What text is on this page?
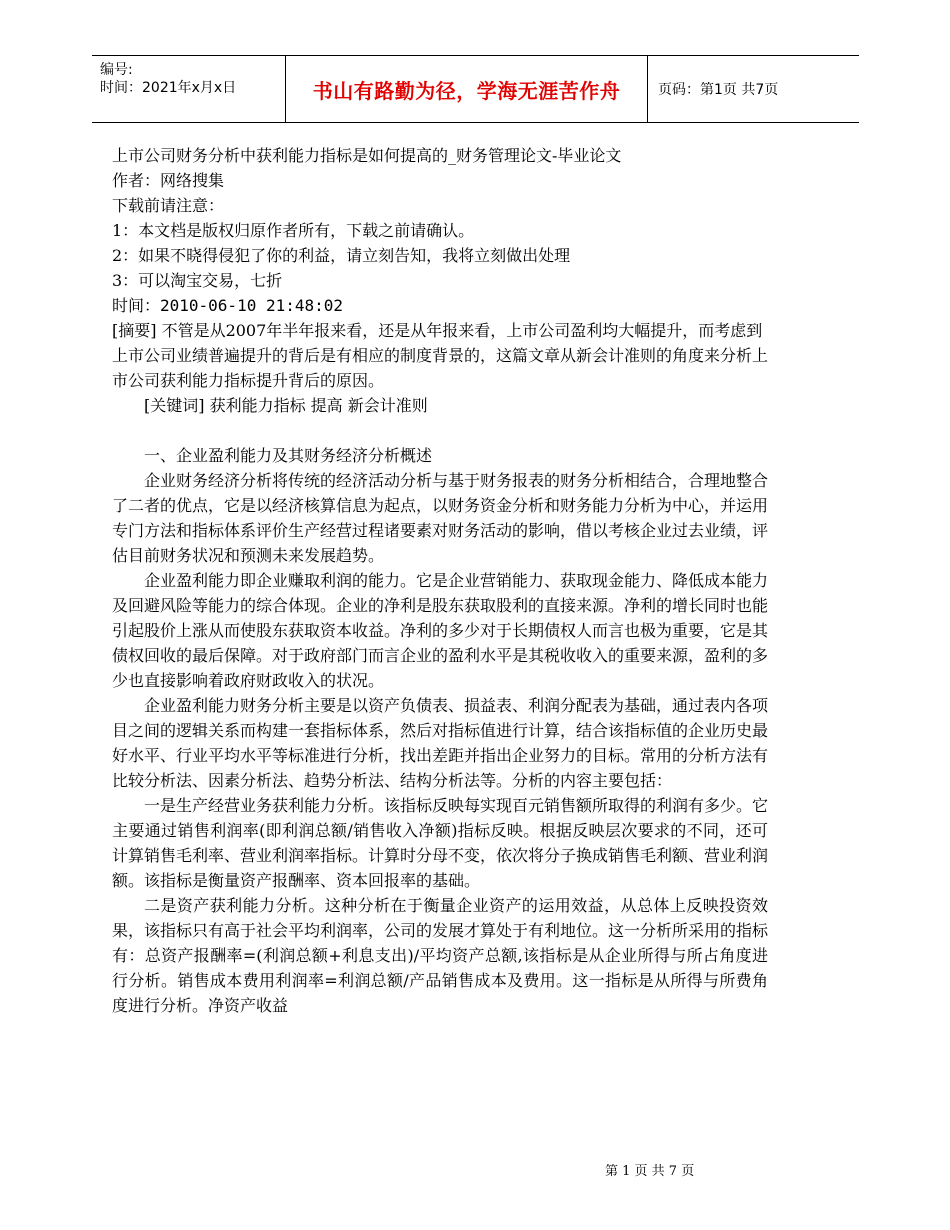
编号:
时间：2021年x月x日	书山有路勤为径，学海无涯苦作舟	页码：第1页 共7页

上市公司财务分析中获利能力指标是如何提高的_财务管理论文-毕业论文

作者：网络搜集

下载前请注意：

1：本文档是版权归原作者所有，下载之前请确认。

2：如果不晓得侵犯了你的利益，请立刻告知，我将立刻做出处理

3：可以淘宝交易，七折

时间：2010-06-10 21:48:02

[摘要] 不管是从2007年半年报来看，还是从年报来看，上市公司盈利均大幅提升，而考虑到上市公司业绩普遍提升的背后是有相应的制度背景的，这篇文章从新会计准则的角度来分析上市公司获利能力指标提升背后的原因。

[关键词] 获利能力指标 提高 新会计准则

一、企业盈利能力及其财务经济分析概述

企业财务经济分析将传统的经济活动分析与基于财务报表的财务分析相结合，合理地整合了二者的优点，它是以经济核算信息为起点，以财务资金分析和财务能力分析为中心，并运用专门方法和指标体系评价生产经营过程诸要素对财务活动的影响，借以考核企业过去业绩，评估目前财务状况和预测未来发展趋势。

企业盈利能力即企业赚取利润的能力。它是企业营销能力、获取现金能力、降低成本能力及回避风险等能力的综合体现。企业的净利是股东获取股利的直接来源。净利的增长同时也能引起股价上涨从而使股东获取资本收益。净利的多少对于长期债权人而言也极为重要，它是其债权回收的最后保障。对于政府部门而言企业的盈利水平是其税收收入的重要来源，盈利的多少也直接影响着政府财政收入的状况。

企业盈利能力财务分析主要是以资产负债表、损益表、利润分配表为基础，通过表内各项目之间的逻辑关系而构建一套指标体系，然后对指标值进行计算，结合该指标值的企业历史最好水平、行业平均水平等标准进行分析，找出差距并指出企业努力的目标。常用的分析方法有比较分析法、因素分析法、趋势分析法、结构分析法等。分析的内容主要包括：

一是生产经营业务获利能力分析。该指标反映每实现百元销售额所取得的利润有多少。它主要通过销售利润率(即利润总额/销售收入净额)指标反映。根据反映层次要求的不同，还可计算销售毛利率、营业利润率指标。计算时分母不变，依次将分子换成销售毛利额、营业利润额。该指标是衡量资产报酬率、资本回报率的基础。

二是资产获利能力分析。这种分析在于衡量企业资产的运用效益，从总体上反映投资效果，该指标只有高于社会平均利润率，公司的发展才算处于有利地位。这一分析所采用的指标有：总资产报酬率=(利润总额+利息支出)/平均资产总额,该指标是从企业所得与所占角度进行分析。销售成本费用利润率=利润总额/产品销售成本及费用。这一指标是从所得与所费角度进行分析。净资产收益

第 1 页 共 7 页
